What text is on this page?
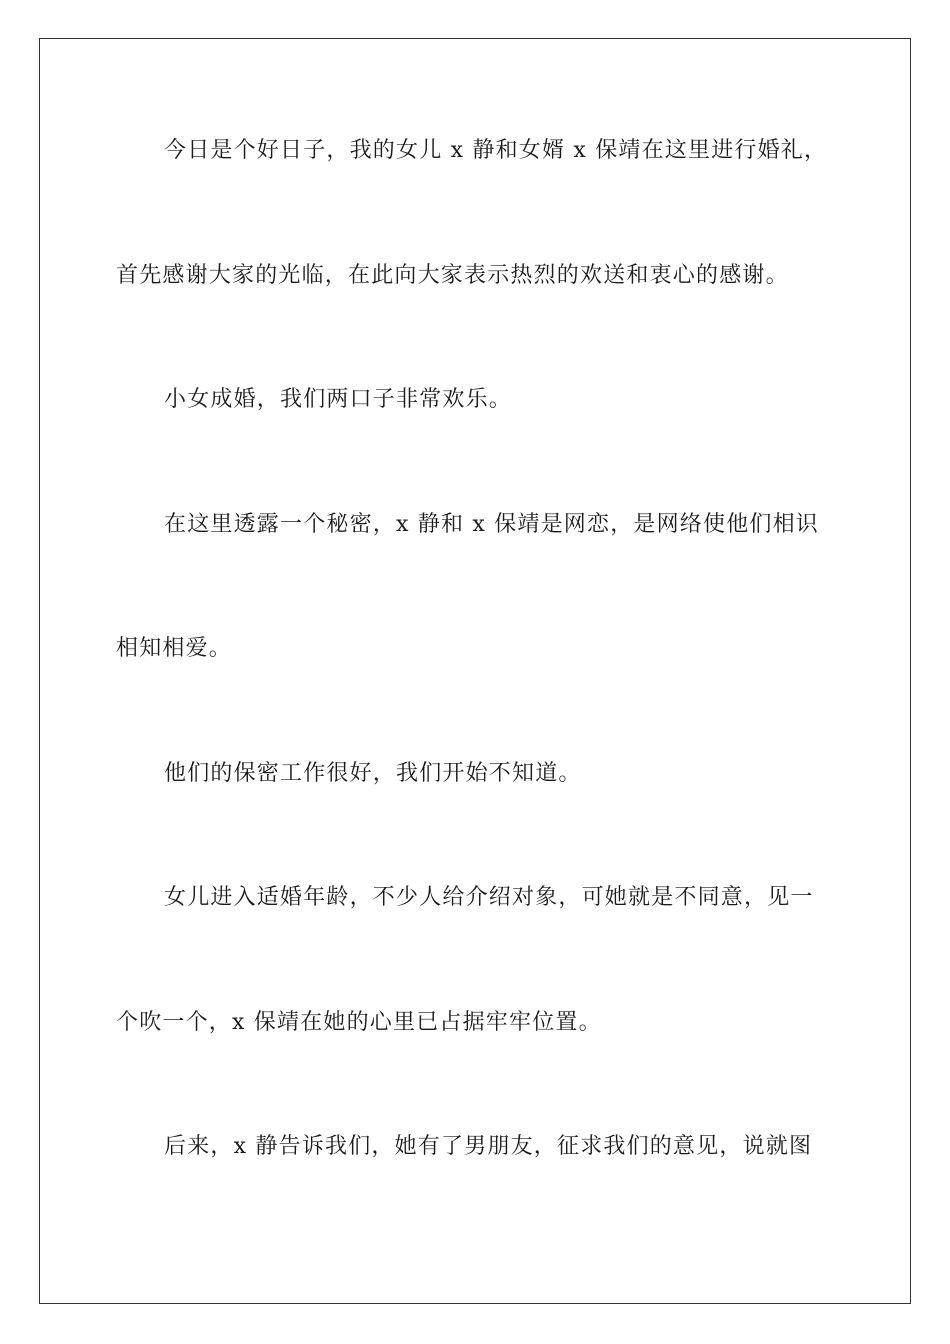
今日是个好日子，我的女儿 x 静和女婿 x 保靖在这里进行婚礼，
首先感谢大家的光临，在此向大家表示热烈的欢送和衷心的感谢。
小女成婚，我们两口子非常欢乐。
在这里透露一个秘密，x 静和 x 保靖是网恋，是网络使他们相识
相知相爱。
他们的保密工作很好，我们开始不知道。
女儿进入适婚年龄，不少人给介绍对象，可她就是不同意，见一
个吹一个，x 保靖在她的心里已占据牢牢位置。
后来，x 静告诉我们，她有了男朋友，征求我们的意见，说就图
